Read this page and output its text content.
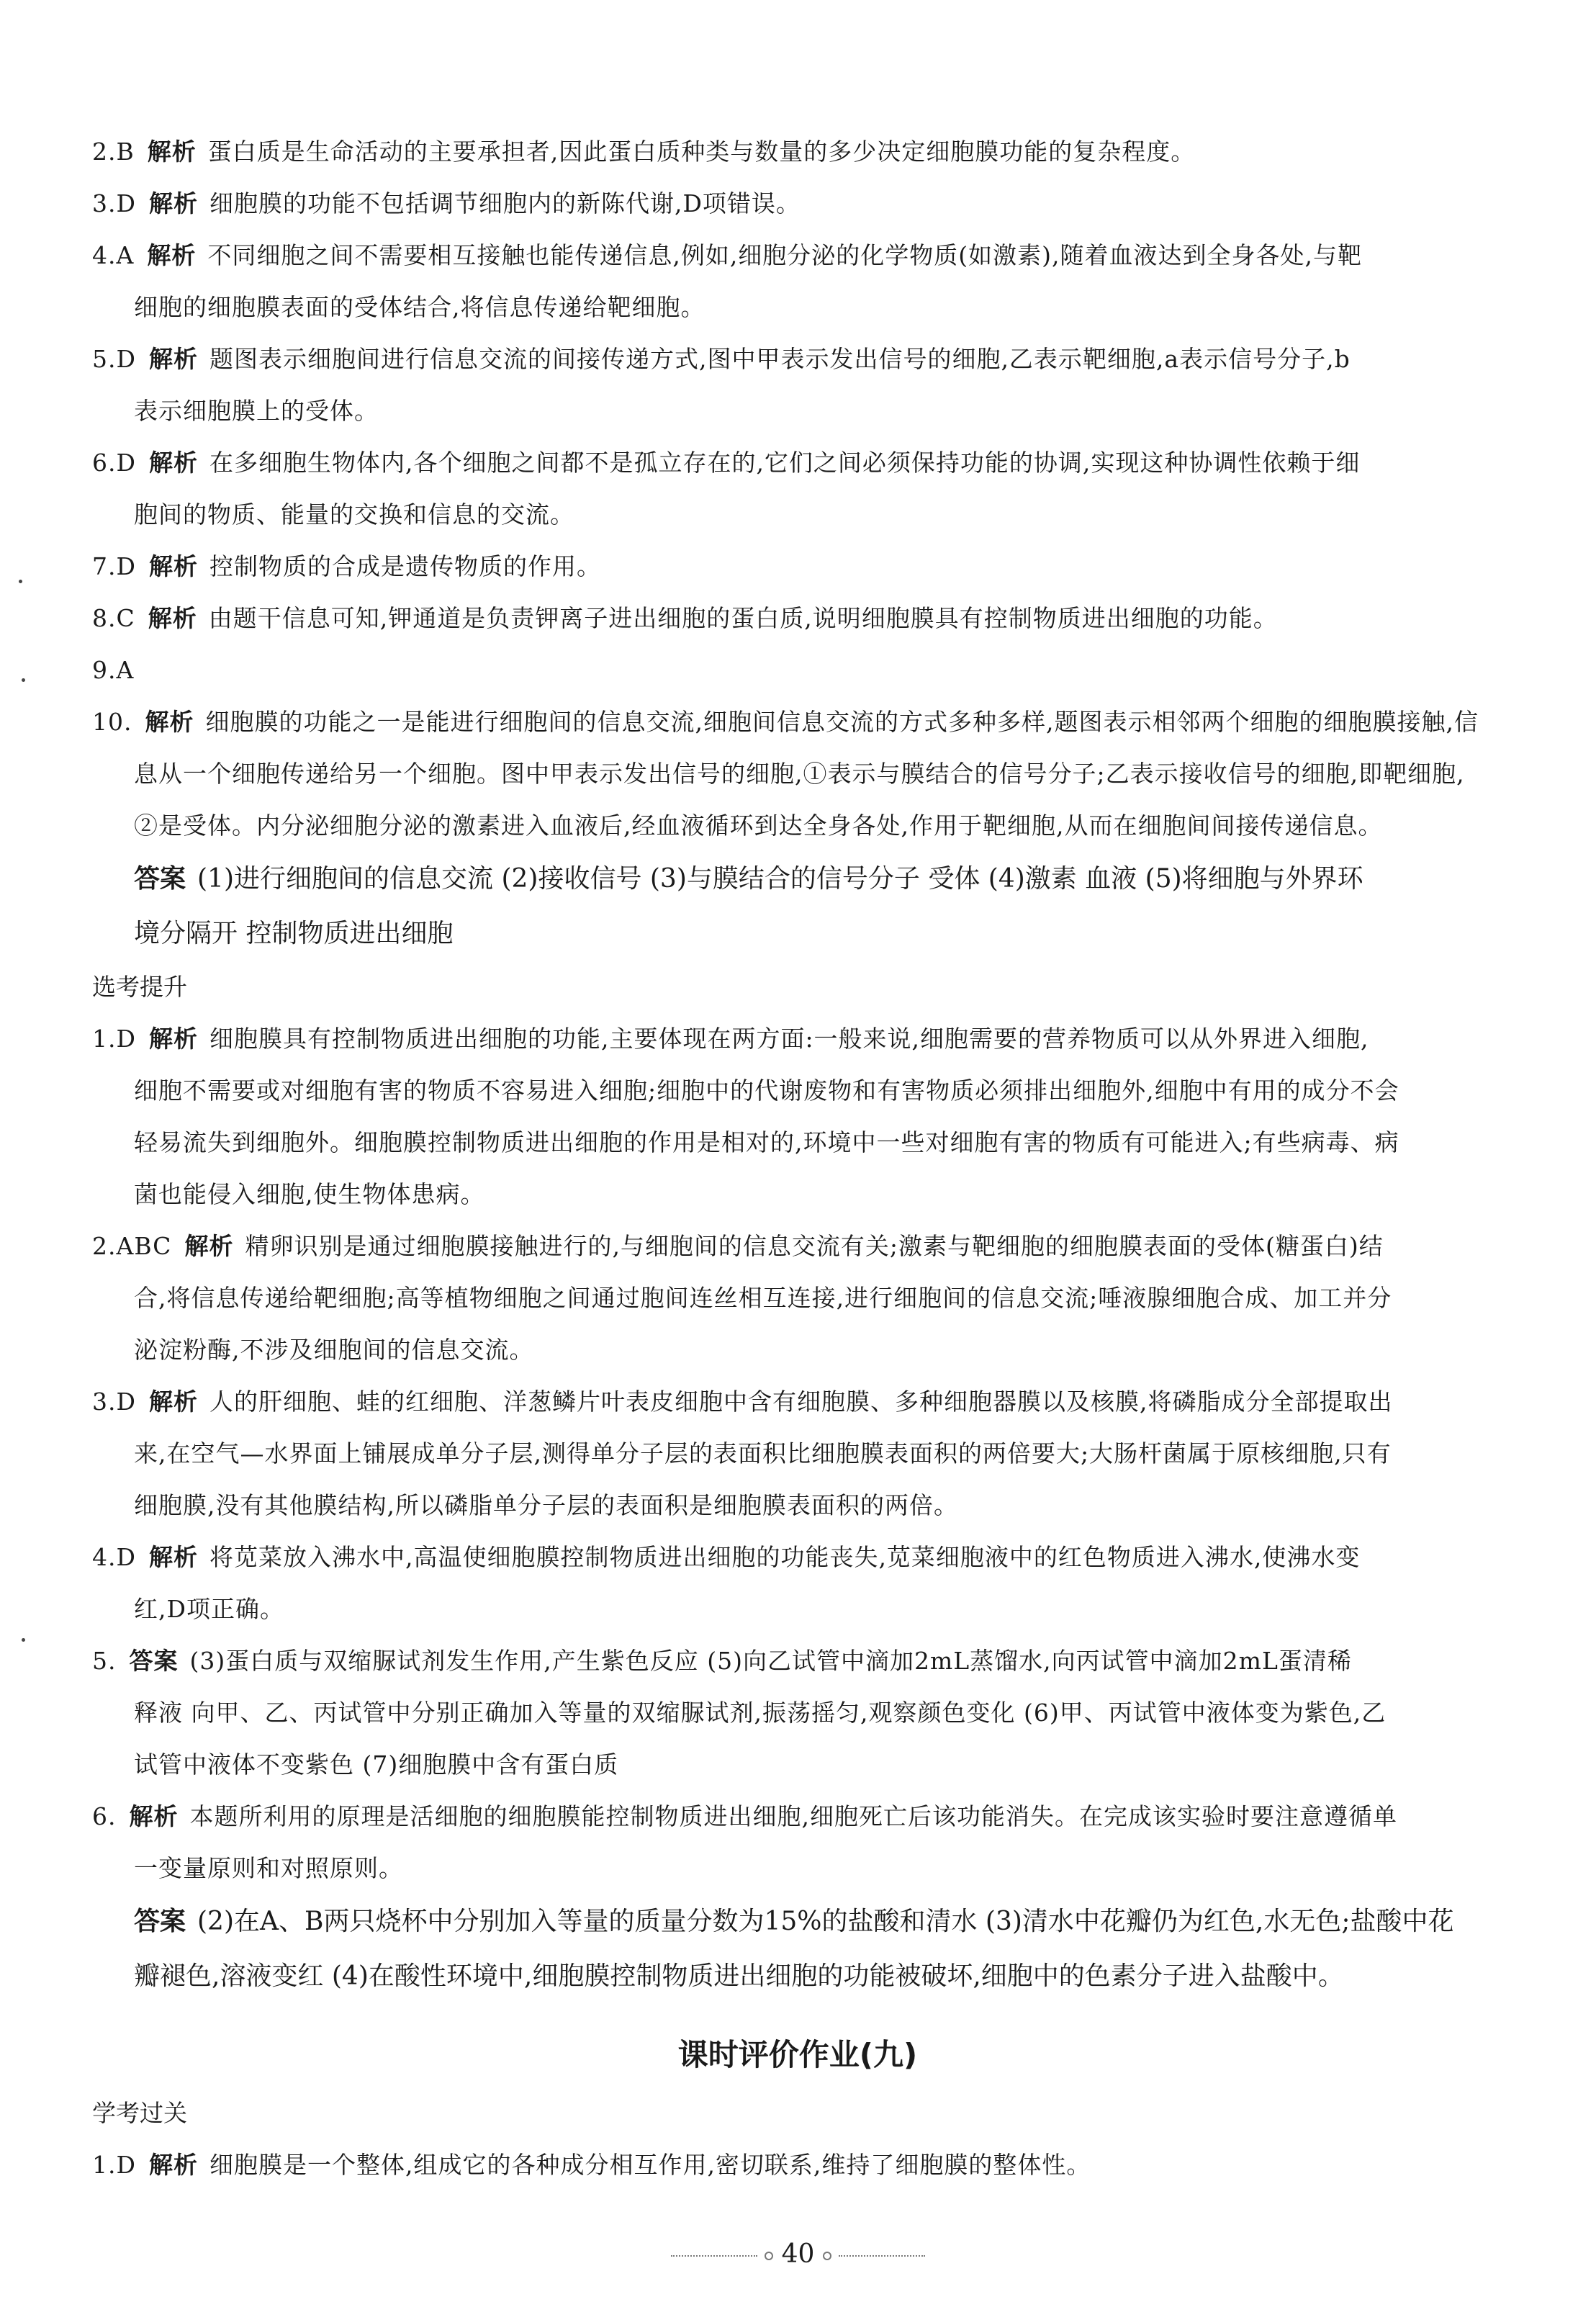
2.B 解析 蛋白质是生命活动的主要承担者,因此蛋白质种类与数量的多少决定细胞膜功能的复杂程度。
3.D 解析 细胞膜的功能不包括调节细胞内的新陈代谢,D项错误。
4.A 解析 不同细胞之间不需要相互接触也能传递信息,例如,细胞分泌的化学物质(如激素),随着血液达到全身各处,与靶
细胞的细胞膜表面的受体结合,将信息传递给靶细胞。
5.D 解析 题图表示细胞间进行信息交流的间接传递方式,图中甲表示发出信号的细胞,乙表示靶细胞,a表示信号分子,b
表示细胞膜上的受体。
6.D 解析 在多细胞生物体内,各个细胞之间都不是孤立存在的,它们之间必须保持功能的协调,实现这种协调性依赖于细
胞间的物质、能量的交换和信息的交流。
7.D 解析 控制物质的合成是遗传物质的作用。
8.C 解析 由题干信息可知,钾通道是负责钾离子进出细胞的蛋白质,说明细胞膜具有控制物质进出细胞的功能。
9.A
10. 解析 细胞膜的功能之一是能进行细胞间的信息交流,细胞间信息交流的方式多种多样,题图表示相邻两个细胞的细胞膜接触,信
息从一个细胞传递给另一个细胞。图中甲表示发出信号的细胞,①表示与膜结合的信号分子;乙表示接收信号的细胞,即靶细胞,
②是受体。内分泌细胞分泌的激素进入血液后,经血液循环到达全身各处,作用于靶细胞,从而在细胞间间接传递信息。
答案 (1)进行细胞间的信息交流 (2)接收信号 (3)与膜结合的信号分子 受体 (4)激素 血液 (5)将细胞与外界环
境分隔开 控制物质进出细胞
选考提升
1.D 解析 细胞膜具有控制物质进出细胞的功能,主要体现在两方面:一般来说,细胞需要的营养物质可以从外界进入细胞,
细胞不需要或对细胞有害的物质不容易进入细胞;细胞中的代谢废物和有害物质必须排出细胞外,细胞中有用的成分不会
轻易流失到细胞外。细胞膜控制物质进出细胞的作用是相对的,环境中一些对细胞有害的物质有可能进入;有些病毒、病
菌也能侵入细胞,使生物体患病。
2.ABC 解析 精卵识别是通过细胞膜接触进行的,与细胞间的信息交流有关;激素与靶细胞的细胞膜表面的受体(糖蛋白)结
合,将信息传递给靶细胞;高等植物细胞之间通过胞间连丝相互连接,进行细胞间的信息交流;唾液腺细胞合成、加工并分
泌淀粉酶,不涉及细胞间的信息交流。
3.D 解析 人的肝细胞、蛙的红细胞、洋葱鳞片叶表皮细胞中含有细胞膜、多种细胞器膜以及核膜,将磷脂成分全部提取出
来,在空气—水界面上铺展成单分子层,测得单分子层的表面积比细胞膜表面积的两倍要大;大肠杆菌属于原核细胞,只有
细胞膜,没有其他膜结构,所以磷脂单分子层的表面积是细胞膜表面积的两倍。
4.D 解析 将苋菜放入沸水中,高温使细胞膜控制物质进出细胞的功能丧失,苋菜细胞液中的红色物质进入沸水,使沸水变
红,D项正确。
5. 答案 (3)蛋白质与双缩脲试剂发生作用,产生紫色反应 (5)向乙试管中滴加2mL蒸馏水,向丙试管中滴加2mL蛋清稀
释液 向甲、乙、丙试管中分别正确加入等量的双缩脲试剂,振荡摇匀,观察颜色变化 (6)甲、丙试管中液体变为紫色,乙
试管中液体不变紫色 (7)细胞膜中含有蛋白质
6. 解析 本题所利用的原理是活细胞的细胞膜能控制物质进出细胞,细胞死亡后该功能消失。在完成该实验时要注意遵循单
一变量原则和对照原则。
答案 (2)在A、B两只烧杯中分别加入等量的质量分数为15%的盐酸和清水 (3)清水中花瓣仍为红色,水无色;盐酸中花
瓣褪色,溶液变红 (4)在酸性环境中,细胞膜控制物质进出细胞的功能被破坏,细胞中的色素分子进入盐酸中。
课时评价作业(九)
学考过关
1.D 解析 细胞膜是一个整体,组成它的各种成分相互作用,密切联系,维持了细胞膜的整体性。
40
